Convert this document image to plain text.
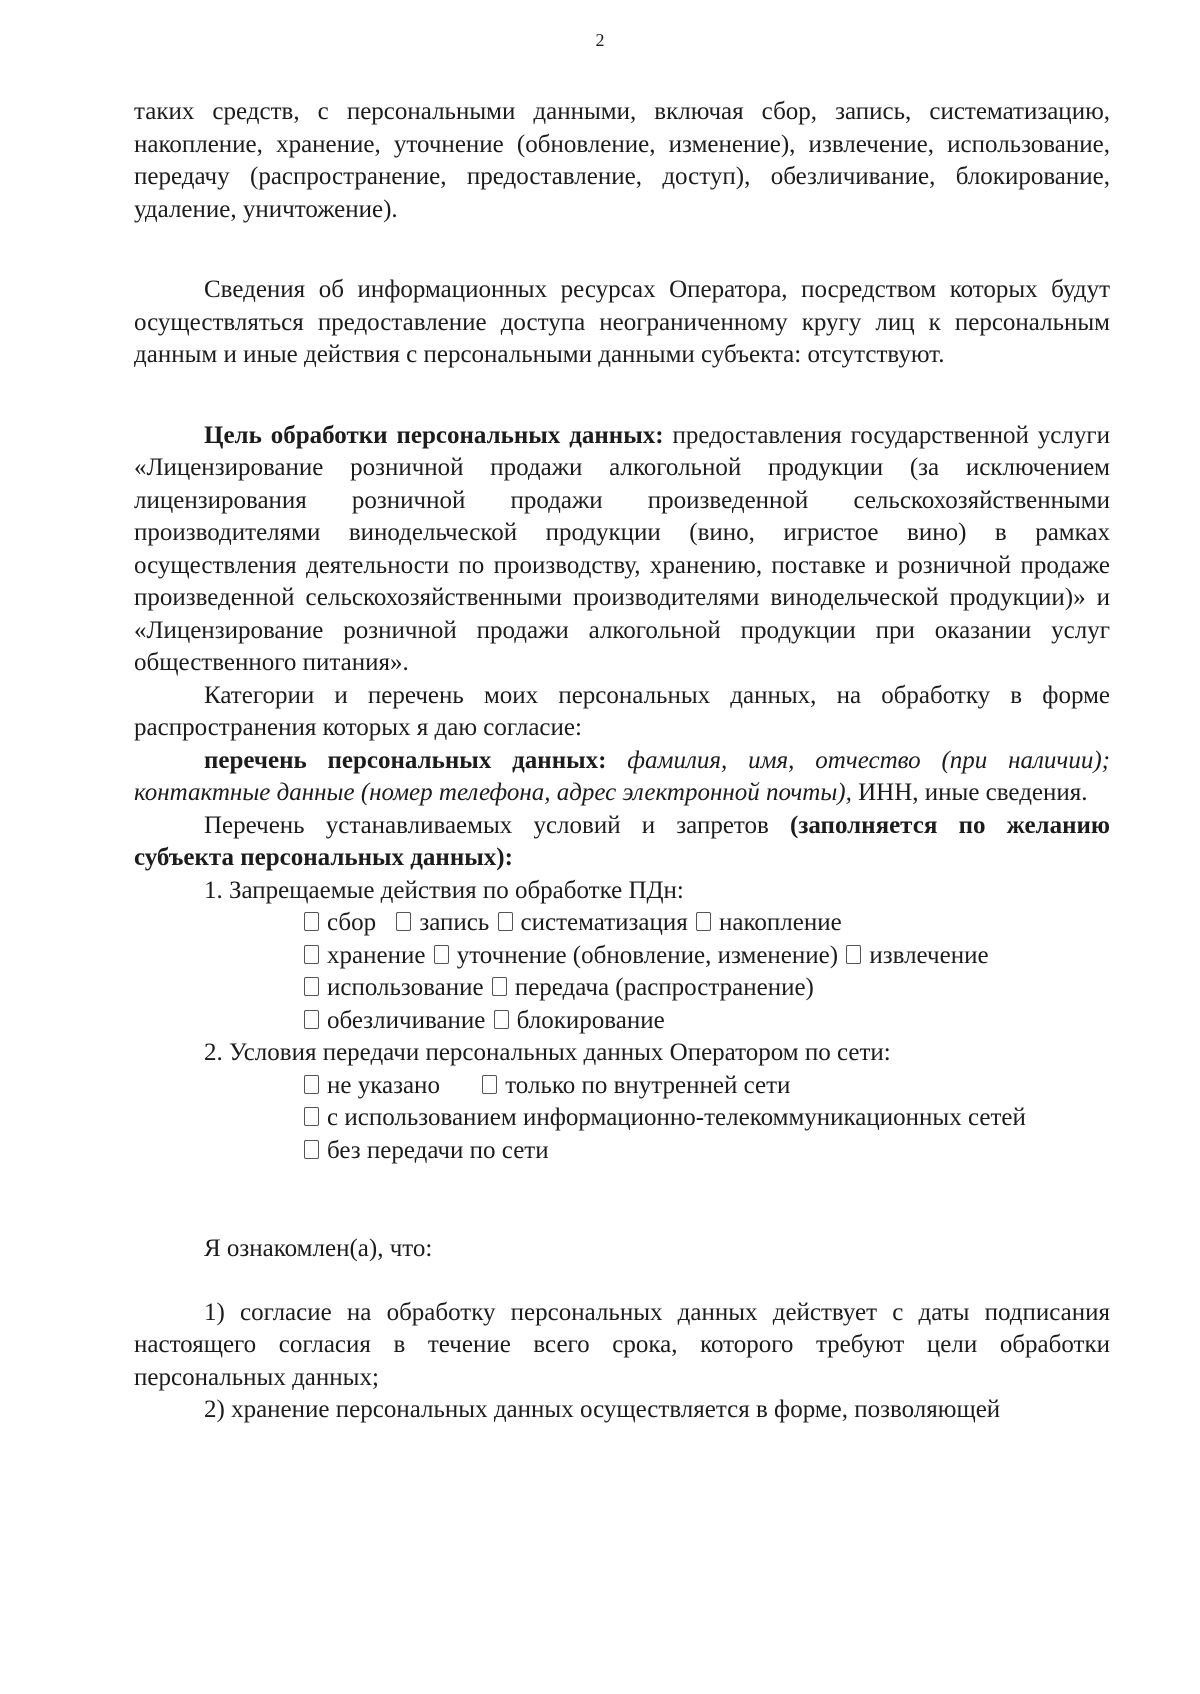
2

таких средств, с персональными данными, включая сбор, запись, систематизацию, накопление, хранение, уточнение (обновление, изменение), извлечение, использование, передачу (распространение, предоставление, доступ), обезличивание, блокирование, удаление, уничтожение).

Сведения об информационных ресурсах Оператора, посредством которых будут осуществляться предоставление доступа неограниченному кругу лиц к персональным данным и иные действия с персональными данными субъекта: отсутствуют.

Цель обработки персональных данных: предоставления государственной услуги «Лицензирование розничной продажи алкогольной продукции (за исключением лицензирования розничной продажи произведенной сельскохозяйственными производителями винодельческой продукции (вино, игристое вино) в рамках осуществления деятельности по производству, хранению, поставке и розничной продаже произведенной сельскохозяйственными производителями винодельческой продукции)» и «Лицензирование розничной продажи алкогольной продукции при оказании услуг общественного питания».

Категории и перечень моих персональных данных, на обработку в форме распространения которых я даю согласие:

перечень персональных данных: фамилия, имя, отчество (при наличии); контактные данные (номер телефона, адрес электронной почты), ИНН, иные сведения.

Перечень устанавливаемых условий и запретов (заполняется по желанию субъекта персональных данных):

1. Запрещаемые действия по обработке ПДн:

сбор запись систематизация накопление

хранение уточнение (обновление, изменение) извлечение

использование передача (распространение)

обезличивание блокирование

2. Условия передачи персональных данных Оператором по сети:

не указано	только по внутренней сети

с использованием информационно-телекоммуникационных сетей

без передачи по сети

Я ознакомлен(а), что:

1) согласие на обработку персональных данных действует с даты подписания настоящего согласия в течение всего срока, которого требуют цели обработки персональных данных;

2) хранение персональных данных осуществляется в форме, позволяющей
